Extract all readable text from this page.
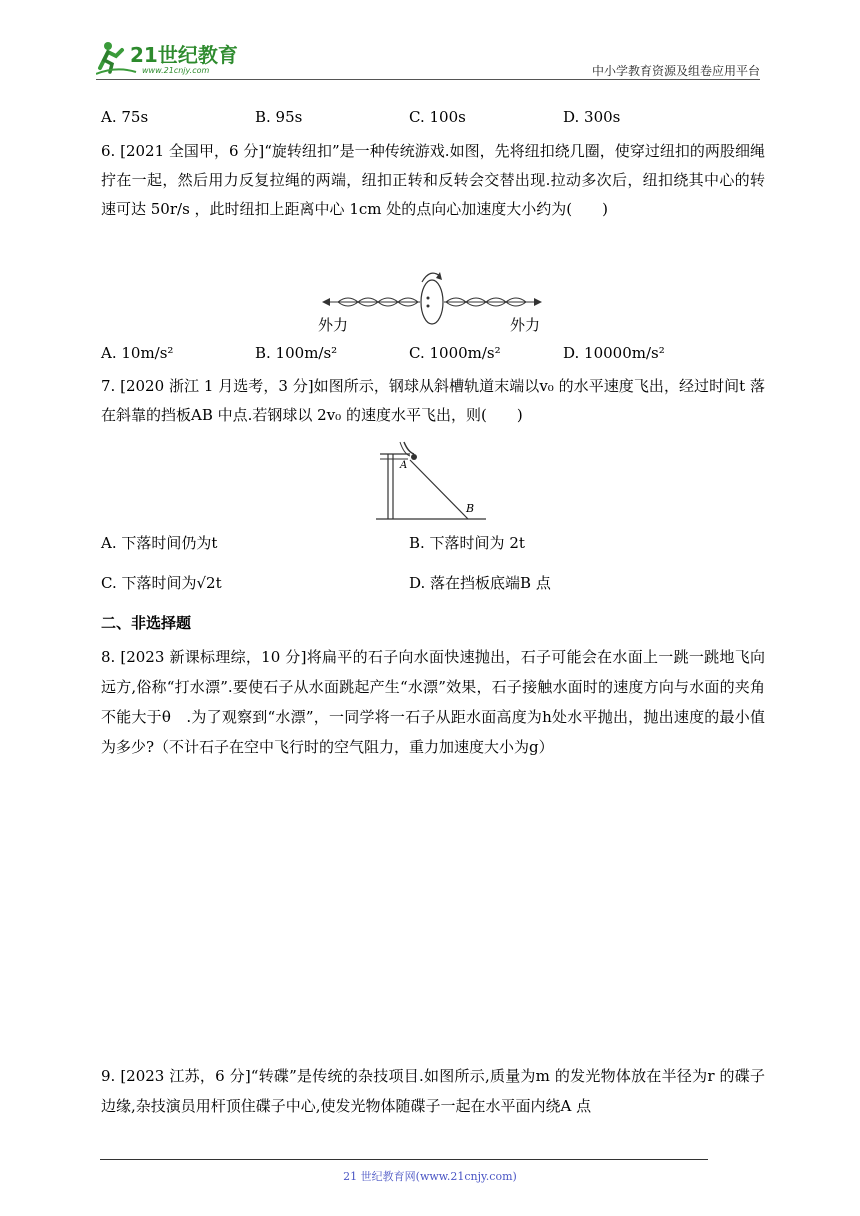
21世纪教育
www.21cnjy.com	中小学教育资源及组卷应用平台
A. 75s	B. 95s	C. 100s	D. 300s
6. [2021 全国甲，6 分]“旋转纽扣”是一种传统游戏.如图，先将纽扣绕几圈，使穿过纽扣的两股细绳拧在一起，然后用力反复拉绳的两端，纽扣正转和反转会交替出现.拉动多次后，纽扣绕其中心的转速可达 50r/s ，此时纽扣上距离中心 1cm 处的点向心加速度大小约为(　　)
外力	外力
A. 10m/s²	B. 100m/s²	C. 1000m/s²	D. 10000m/s²
7. [2020 浙江 1 月选考，3 分]如图所示，钢球从斜槽轨道末端以v₀ 的水平速度飞出，经过时间t 落在斜靠的挡板AB 中点.若钢球以 2v₀ 的速度水平飞出，则(　　)
A
B
A. 下落时间仍为t	B. 下落时间为 2t
C. 下落时间为√2t	D. 落在挡板底端B 点
二、非选择题
8. [2023 新课标理综，10 分]将扁平的石子向水面快速抛出，石子可能会在水面上一跳一跳地飞向远方,俗称“打水漂”.要使石子从水面跳起产生“水漂”效果，石子接触水面时的速度方向与水面的夹角不能大于θ　.为了观察到“水漂”，一同学将一石子从距水面高度为h处水平抛出，抛出速度的最小值为多少?（不计石子在空中飞行时的空气阻力，重力加速度大小为g）
9. [2023 江苏，6 分]“转碟”是传统的杂技项目.如图所示,质量为m 的发光物体放在半径为r 的碟子边缘,杂技演员用杆顶住碟子中心,使发光物体随碟子一起在水平面内绕A 点
21 世纪教育网(www.21cnjy.com)
